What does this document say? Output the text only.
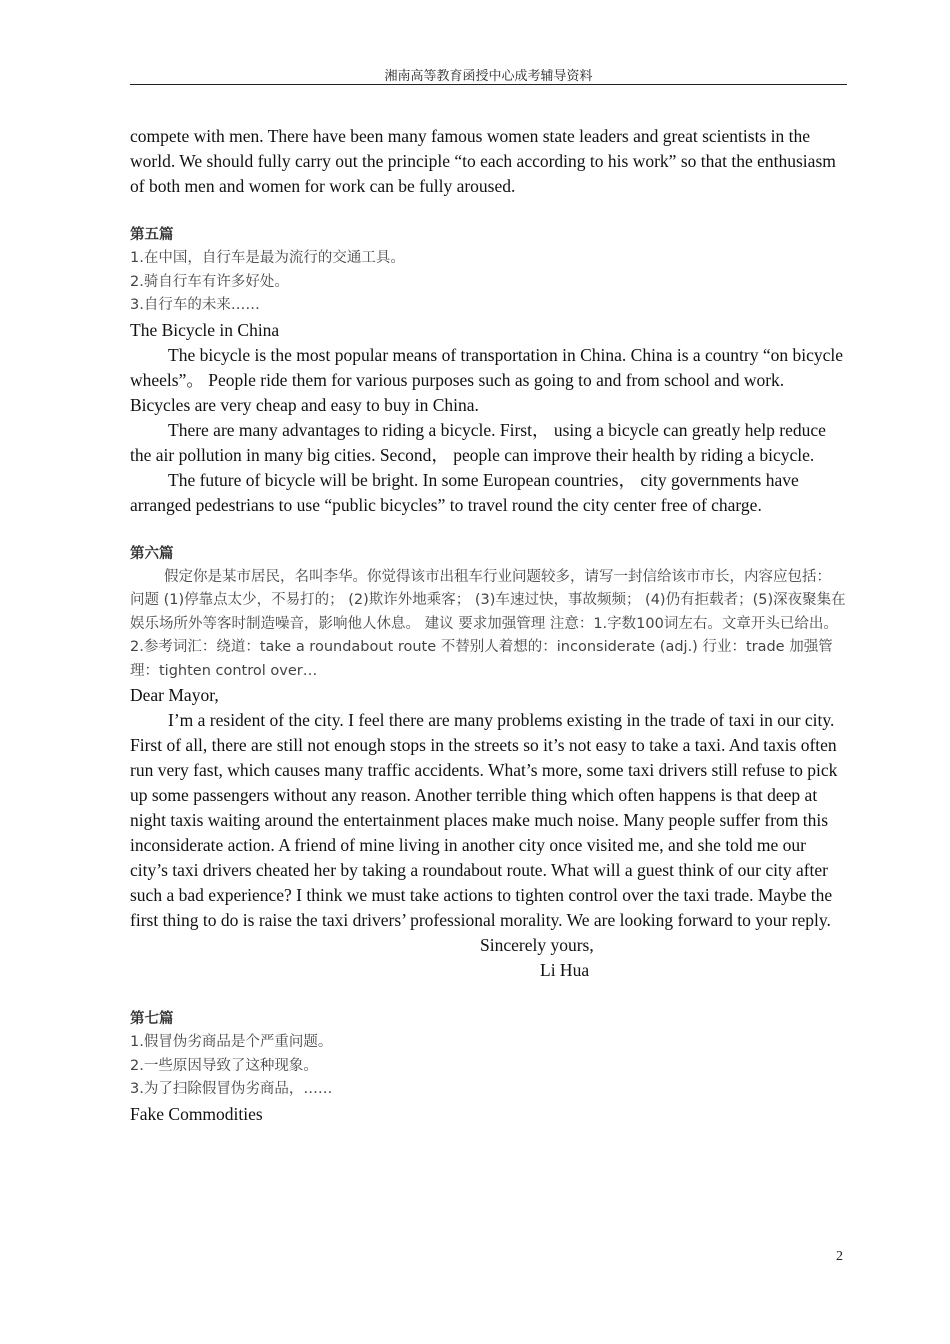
湘南高等教育函授中心成考辅导资料

compete with men. There have been many famous women state leaders and great scientists in the world. We should fully carry out the principle “to each according to his work” so that the enthusiasm of both men and women for work can be fully aroused.

第五篇

1.在中国，自行车是最为流行的交通工具。

2.骑自行车有许多好处。

3.自行车的未来……

The Bicycle in China

The bicycle is the most popular means of transportation in China. China is a country “on bicycle wheels”。 People ride them for various purposes such as going to and from school and work. Bicycles are very cheap and easy to buy in China.

There are many advantages to riding a bicycle. First， using a bicycle can greatly help reduce the air pollution in many big cities. Second， people can improve their health by riding a bicycle.

The future of bicycle will be bright. In some European countries， city governments have arranged pedestrians to use “public bicycles” to travel round the city center free of charge.

第六篇

假定你是某市居民，名叫李华。你觉得该市出租车行业问题较多，请写一封信给该市市长，内容应包括： 问题 (1)停靠点太少，不易打的； (2)欺诈外地乘客； (3)车速过快，事故频频； (4)仍有拒载者；(5)深夜聚集在娱乐场所外等客时制造噪音，影响他人休息。 建议 要求加强管理 注意：1.字数100词左右。文章开头已给出。 2.参考词汇：绕道：take a roundabout route 不替别人着想的：inconsiderate (adj.) 行业：trade 加强管理：tighten control over…

Dear Mayor,

I’m a resident of the city. I feel there are many problems existing in the trade of taxi in our city. First of all, there are still not enough stops in the streets so it’s not easy to take a taxi. And taxis often run very fast, which causes many traffic accidents. What’s more, some taxi drivers still refuse to pick up some passengers without any reason. Another terrible thing which often happens is that deep at night taxis waiting around the entertainment places make much noise. Many people suffer from this inconsiderate action. A friend of mine living in another city once visited me, and she told me our city’s taxi drivers cheated her by taking a roundabout route. What will a guest think of our city after such a bad experience? I think we must take actions to tighten control over the taxi trade. Maybe the first thing to do is raise the taxi drivers’ professional morality. We are looking forward to your reply.

Sincerely yours,

Li Hua

第七篇

1.假冒伪劣商品是个严重问题。

2.一些原因导致了这种现象。

3.为了扫除假冒伪劣商品，……

Fake Commodities

2
